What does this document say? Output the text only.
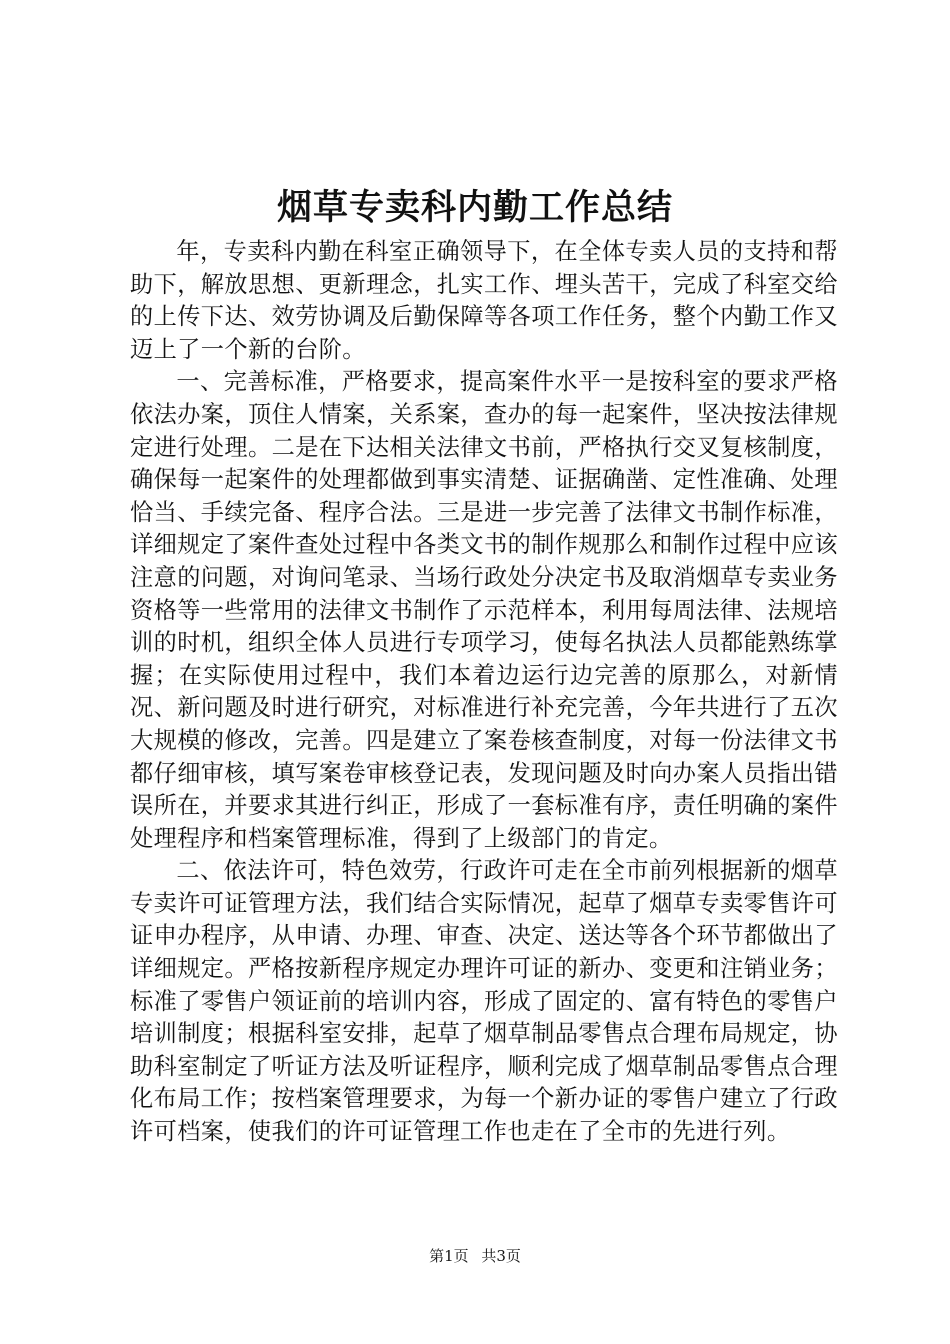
烟草专卖科内勤工作总结

年，专卖科内勤在科室正确领导下，在全体专卖人员的支持和帮助下，解放思想、更新理念，扎实工作、埋头苦干，完成了科室交给的上传下达、效劳协调及后勤保障等各项工作任务，整个内勤工作又迈上了一个新的台阶。

一、完善标准，严格要求，提高案件水平一是按科室的要求严格依法办案，顶住人情案，关系案，查办的每一起案件，坚决按法律规定进行处理。二是在下达相关法律文书前，严格执行交叉复核制度，确保每一起案件的处理都做到事实清楚、证据确凿、定性准确、处理恰当、手续完备、程序合法。三是进一步完善了法律文书制作标准，详细规定了案件查处过程中各类文书的制作规那么和制作过程中应该注意的问题，对询问笔录、当场行政处分决定书及取消烟草专卖业务资格等一些常用的法律文书制作了示范样本，利用每周法律、法规培训的时机，组织全体人员进行专项学习，使每名执法人员都能熟练掌握；在实际使用过程中，我们本着边运行边完善的原那么，对新情况、新问题及时进行研究，对标准进行补充完善，今年共进行了五次大规模的修改，完善。四是建立了案卷核查制度，对每一份法律文书都仔细审核，填写案卷审核登记表，发现问题及时向办案人员指出错误所在，并要求其进行纠正，形成了一套标准有序，责任明确的案件处理程序和档案管理标准，得到了上级部门的肯定。

二、依法许可，特色效劳，行政许可走在全市前列根据新的烟草专卖许可证管理方法，我们结合实际情况，起草了烟草专卖零售许可证申办程序，从申请、办理、审查、决定、送达等各个环节都做出了详细规定。严格按新程序规定办理许可证的新办、变更和注销业务；标准了零售户领证前的培训内容，形成了固定的、富有特色的零售户培训制度；根据科室安排，起草了烟草制品零售点合理布局规定，协助科室制定了听证方法及听证程序，顺利完成了烟草制品零售点合理化布局工作；按档案管理要求，为每一个新办证的零售户建立了行政许可档案，使我们的许可证管理工作也走在了全市的先进行列。

第1页 共3页
